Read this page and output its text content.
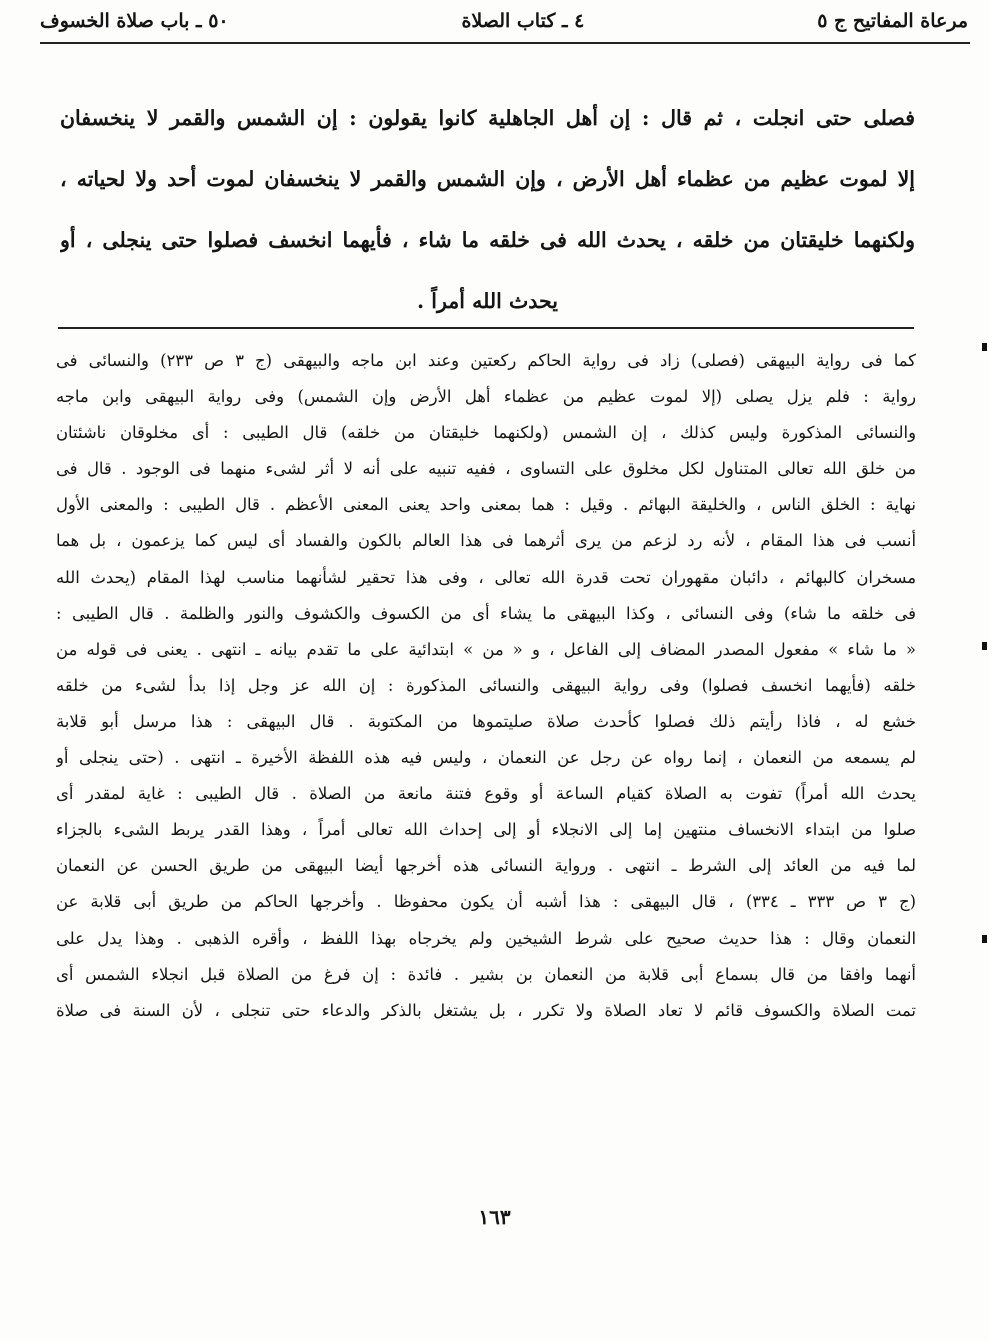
مرعاة المفاتيح ج ٥
٤ ـ كتاب الصلاة
٥٠ ـ باب صلاة الخسوف
فصلى حتى انجلت ، ثم قال : إن أهل الجاهلية كانوا يقولون : إن الشمس والقمر لا ينخسفان
إلا لموت عظيم من عظماء أهل الأرض ، وإن الشمس والقمر لا ينخسفان لموت أحد ولا لحياته ،
ولكنهما خليقتان من خلقه ، يحدث الله فى خلقه ما شاء ، فأيهما انخسف فصلوا حتى ينجلى ، أو
يحدث الله أمراً .
كما فى رواية البيهقى (فصلى) زاد فى رواية الحاكم ركعتين وعند ابن ماجه والبيهقى (ج ٣ ص ٢٣٣) والنسائى فى
رواية : فلم يزل يصلى (إلا لموت عظيم من عظماء أهل الأرض وإن الشمس) وفى رواية البيهقى وابن ماجه
والنسائى المذكورة وليس كذلك ، إن الشمس (ولكنهما خليقتان من خلقه) قال الطيبى : أى مخلوقان ناشئتان
من خلق الله تعالى المتناول لكل مخلوق على التساوى ، ففيه تنبيه على أنه لا أثر لشىء منهما فى الوجود . قال فى
نهاية : الخلق الناس ، والخليقة البهائم . وقيل : هما بمعنى واحد يعنى المعنى الأعظم . قال الطيبى : والمعنى الأول
أنسب فى هذا المقام ، لأنه رد لزعم من يرى أثرهما فى هذا العالم بالكون والفساد أى ليس كما يزعمون ، بل هما
مسخران كالبهائم ، دائبان مقهوران تحت قدرة الله تعالى ، وفى هذا تحقير لشأنهما مناسب لهذا المقام (يحدث الله
فى خلقه ما شاء) وفى النسائى ، وكذا البيهقى ما يشاء أى من الكسوف والكشوف والنور والظلمة . قال الطيبى :
« ما شاء » مفعول المصدر المضاف إلى الفاعل ، و « من » ابتدائية على ما تقدم بيانه ـ انتهى . يعنى فى قوله من
خلقه (فأيهما انخسف فصلوا) وفى رواية البيهقى والنسائى المذكورة : إن الله عز وجل إذا بدأ لشىء من خلقه
خشع له ، فاذا رأيتم ذلك فصلوا كأحدث صلاة صليتموها من المكتوبة . قال البيهقى : هذا مرسل أبو قلابة
لم يسمعه من النعمان ، إنما رواه عن رجل عن النعمان ، وليس فيه هذه اللفظة الأخيرة ـ انتهى . (حتى ينجلى أو
يحدث الله أمراً) تفوت به الصلاة كقيام الساعة أو وقوع فتنة مانعة من الصلاة . قال الطيبى : غاية لمقدر أى
صلوا من ابتداء الانخساف منتهين إما إلى الانجلاء أو إلى إحداث الله تعالى أمراً ، وهذا القدر يربط الشىء بالجزاء
لما فيه من العائد إلى الشرط ـ انتهى . ورواية النسائى هذه أخرجها أيضا البيهقى من طريق الحسن عن النعمان
(ج ٣ ص ٣٣٣ ـ ٣٣٤) ، قال البيهقى : هذا أشبه أن يكون محفوظا . وأخرجها الحاكم من طريق أبى قلابة عن
النعمان وقال : هذا حديث صحيح على شرط الشيخين ولم يخرجاه بهذا اللفظ ، وأقره الذهبى . وهذا يدل على
أنهما وافقا من قال بسماع أبى قلابة من النعمان بن بشير . فائدة : إن فرغ من الصلاة قبل انجلاء الشمس أى
تمت الصلاة والكسوف قائم لا تعاد الصلاة ولا تكرر ، بل يشتغل بالذكر والدعاء حتى تنجلى ، لأن السنة فى صلاة
١٦٣
